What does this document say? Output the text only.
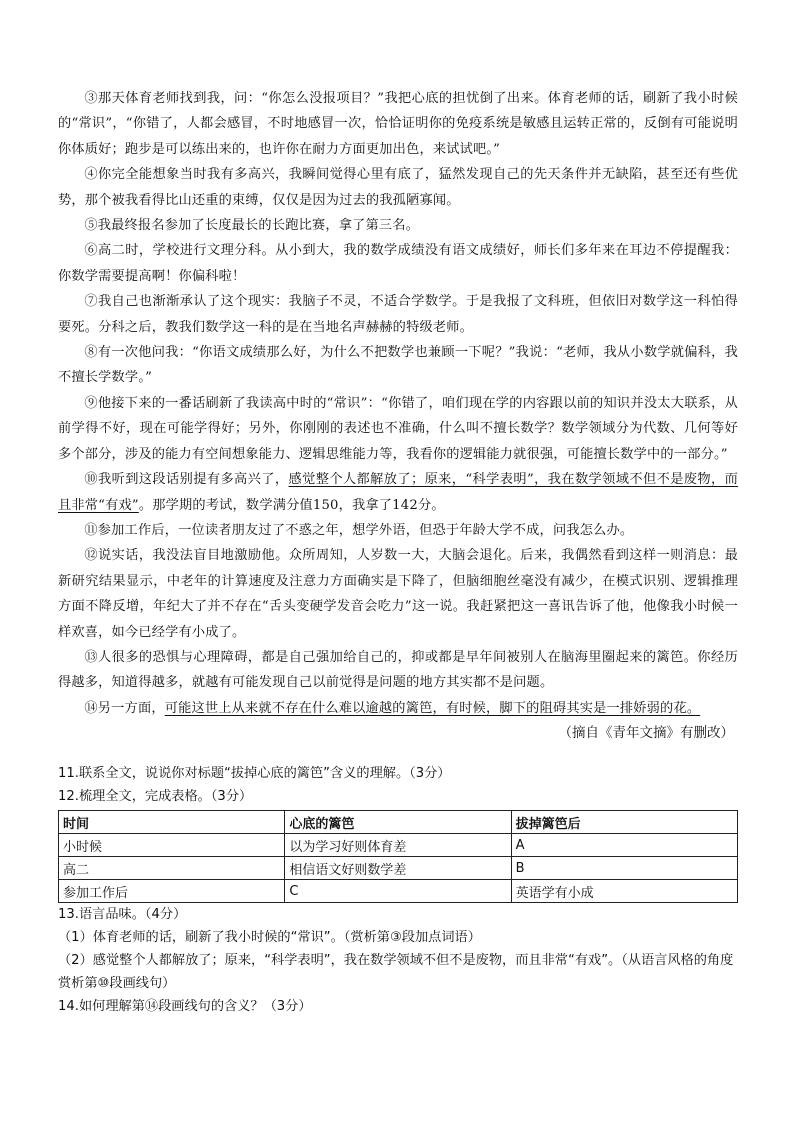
③那天体育老师找到我，问：“你怎么没报项目？”我把心底的担忧倒了出来。体育老师的话，刷新了我小时候的“常识”，“你错了，人都会感冒，不时地感冒一次，恰恰证明你的免疫系统是敏感且运转正常的，反倒有可能说明你体质好；跑步是可以练出来的，也许你在耐力方面更加出色，来试试吧。”

④你完全能想象当时我有多高兴，我瞬间觉得心里有底了，猛然发现自己的先天条件并无缺陷，甚至还有些优势，那个被我看得比山还重的束缚，仅仅是因为过去的我孤陋寡闻。

⑤我最终报名参加了长度最长的长跑比赛，拿了第三名。

⑥高二时，学校进行文理分科。从小到大，我的数学成绩没有语文成绩好，师长们多年来在耳边不停提醒我：你数学需要提高啊！你偏科啦！

⑦我自己也渐渐承认了这个现实：我脑子不灵，不适合学数学。于是我报了文科班，但依旧对数学这一科怕得要死。分科之后，教我们数学这一科的是在当地名声赫赫的特级老师。

⑧有一次他问我：“你语文成绩那么好，为什么不把数学也兼顾一下呢？”我说：“老师，我从小数学就偏科，我不擅长学数学。”

⑨他接下来的一番话刷新了我读高中时的“常识”：“你错了，咱们现在学的内容跟以前的知识并没太大联系，从前学得不好，现在可能学得好；另外，你刚刚的表述也不准确，什么叫不擅长数学？数学领域分为代数、几何等好多个部分，涉及的能力有空间想象能力、逻辑思维能力等，我看你的逻辑能力就很强，可能擅长数学中的一部分。”

⑩我听到这段话别提有多高兴了，感觉整个人都解放了；原来，“科学表明”，我在数学领域不但不是废物，而且非常“有戏”。那学期的考试，数学满分值150，我拿了142分。

⑪参加工作后，一位读者朋友过了不惑之年，想学外语，但恐于年龄大学不成，问我怎么办。

⑫说实话，我没法盲目地激励他。众所周知，人岁数一大，大脑会退化。后来，我偶然看到这样一则消息：最新研究结果显示，中老年的计算速度及注意力方面确实是下降了，但脑细胞丝毫没有减少，在模式识别、逻辑推理方面不降反增，年纪大了并不存在“舌头变硬学发音会吃力”这一说。我赶紧把这一喜讯告诉了他，他像我小时候一样欢喜，如今已经学有小成了。

⑬人很多的恐惧与心理障碍，都是自己强加给自己的，抑或都是早年间被别人在脑海里圈起来的篱笆。你经历得越多，知道得越多，就越有可能发现自己以前觉得是问题的地方其实都不是问题。

⑭另一方面，可能这世上从来就不存在什么难以逾越的篱笆，有时候，脚下的阻碍其实是一排娇弱的花。

（摘自《青年文摘》有删改）

11.联系全文，说说你对标题“拔掉心底的篱笆”含义的理解。（3分）

12.梳理全文，完成表格。（3分）

时间	心底的篱笆	拔掉篱笆后
小时候	以为学习好则体育差	A
高二	相信语文好则数学差	B
参加工作后	C	英语学有小成

13.语言品味。（4分）

（1）体育老师的话，刷新了我小时候的“常识”。（赏析第③段加点词语）

（2）感觉整个人都解放了；原来，“科学表明”，我在数学领域不但不是废物，而且非常“有戏”。（从语言风格的角度赏析第⑩段画线句）

14.如何理解第⑭段画线句的含义？（3分）
